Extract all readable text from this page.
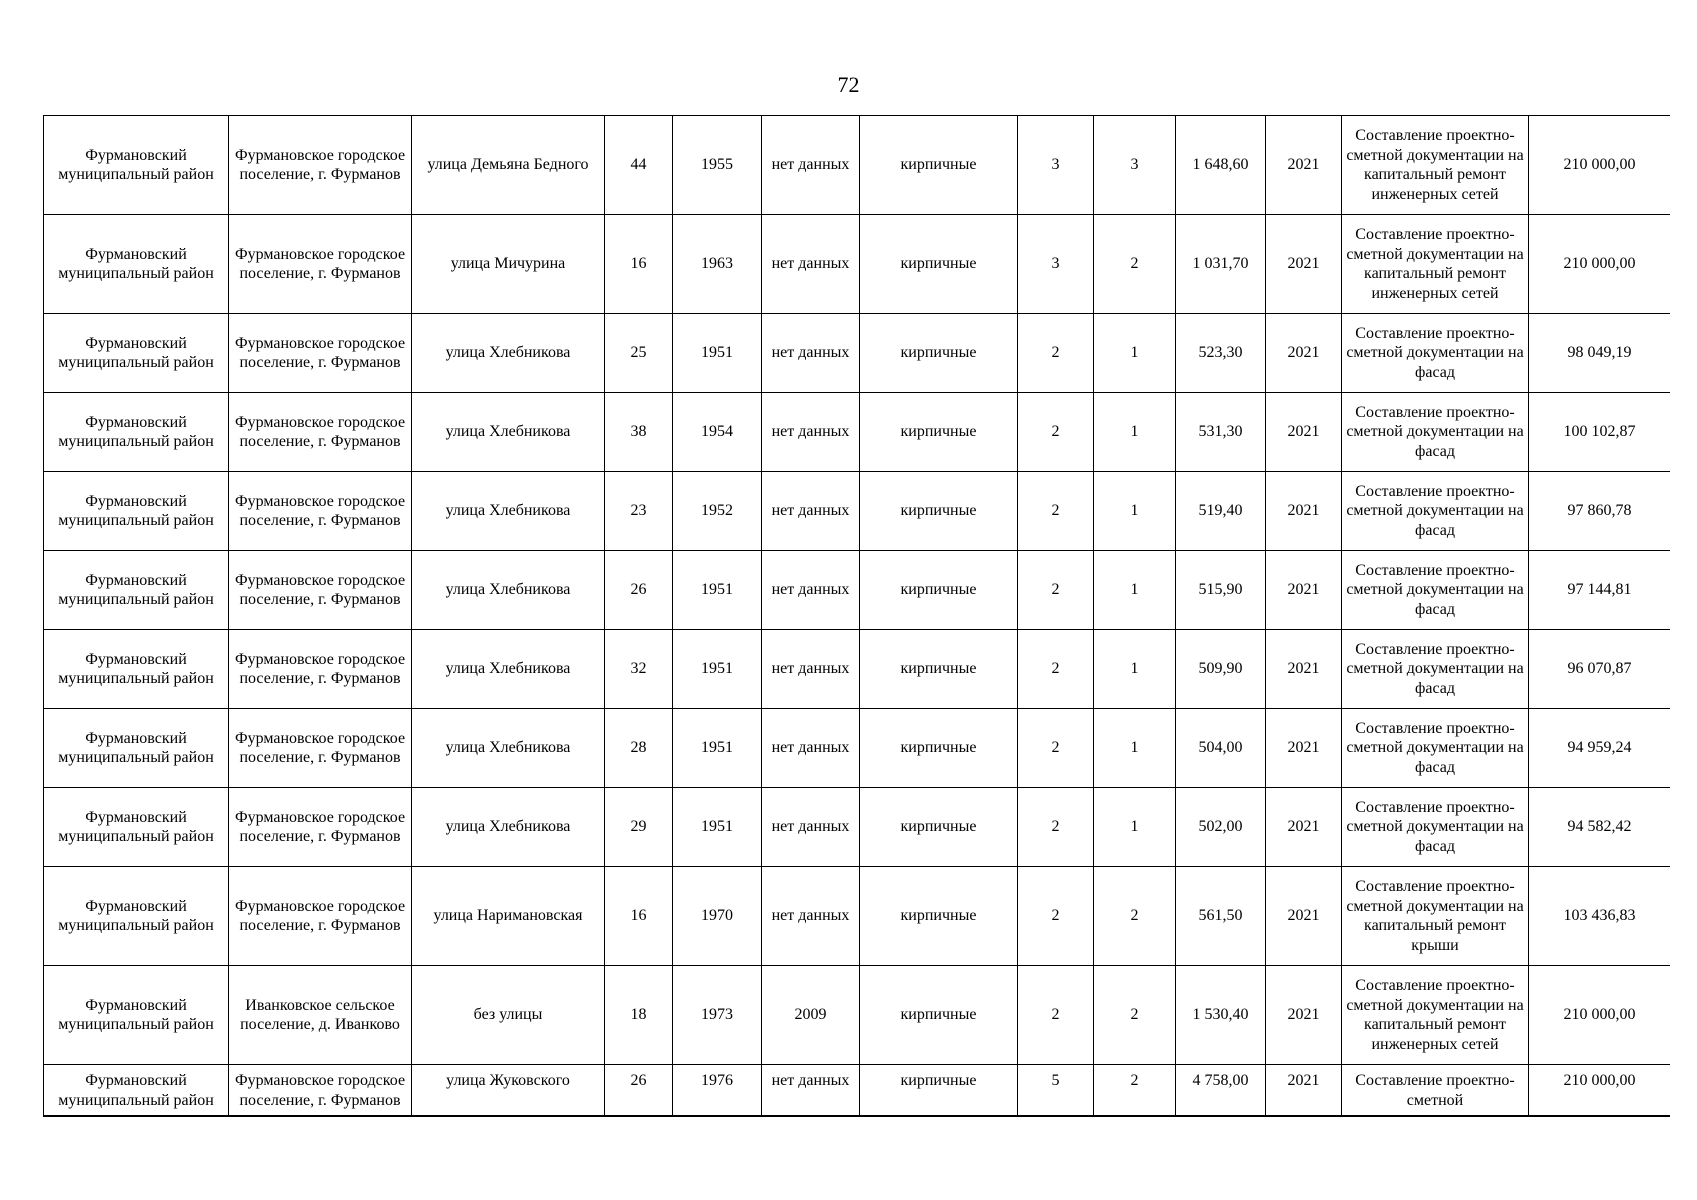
72
Фурмановский муниципальный район	Фурмановское городское поселение, г. Фурманов	улица Демьяна Бедного	44	1955	нет данных	кирпичные	3	3	1 648,60	2021	Составление проектно-сметной документации на капитальный ремонт инженерных сетей	210 000,00
Фурмановский муниципальный район	Фурмановское городское поселение, г. Фурманов	улица Мичурина	16	1963	нет данных	кирпичные	3	2	1 031,70	2021	Составление проектно-сметной документации на капитальный ремонт инженерных сетей	210 000,00
Фурмановский муниципальный район	Фурмановское городское поселение, г. Фурманов	улица Хлебникова	25	1951	нет данных	кирпичные	2	1	523,30	2021	Составление проектно-сметной документации на фасад	98 049,19
Фурмановский муниципальный район	Фурмановское городское поселение, г. Фурманов	улица Хлебникова	38	1954	нет данных	кирпичные	2	1	531,30	2021	Составление проектно-сметной документации на фасад	100 102,87
Фурмановский муниципальный район	Фурмановское городское поселение, г. Фурманов	улица Хлебникова	23	1952	нет данных	кирпичные	2	1	519,40	2021	Составление проектно-сметной документации на фасад	97 860,78
Фурмановский муниципальный район	Фурмановское городское поселение, г. Фурманов	улица Хлебникова	26	1951	нет данных	кирпичные	2	1	515,90	2021	Составление проектно-сметной документации на фасад	97 144,81
Фурмановский муниципальный район	Фурмановское городское поселение, г. Фурманов	улица Хлебникова	32	1951	нет данных	кирпичные	2	1	509,90	2021	Составление проектно-сметной документации на фасад	96 070,87
Фурмановский муниципальный район	Фурмановское городское поселение, г. Фурманов	улица Хлебникова	28	1951	нет данных	кирпичные	2	1	504,00	2021	Составление проектно-сметной документации на фасад	94 959,24
Фурмановский муниципальный район	Фурмановское городское поселение, г. Фурманов	улица Хлебникова	29	1951	нет данных	кирпичные	2	1	502,00	2021	Составление проектно-сметной документации на фасад	94 582,42
Фурмановский муниципальный район	Фурмановское городское поселение, г. Фурманов	улица Наримановская	16	1970	нет данных	кирпичные	2	2	561,50	2021	Составление проектно-сметной документации на капитальный ремонт крыши	103 436,83
Фурмановский муниципальный район	Иванковское сельское поселение, д. Иванково	без улицы	18	1973	2009	кирпичные	2	2	1 530,40	2021	Составление проектно-сметной документации на капитальный ремонт инженерных сетей	210 000,00
Фурмановский муниципальный район	Фурмановское городское поселение, г. Фурманов	улица Жуковского	26	1976	нет данных	кирпичные	5	2	4 758,00	2021	Составление проектно-сметной	210 000,00
